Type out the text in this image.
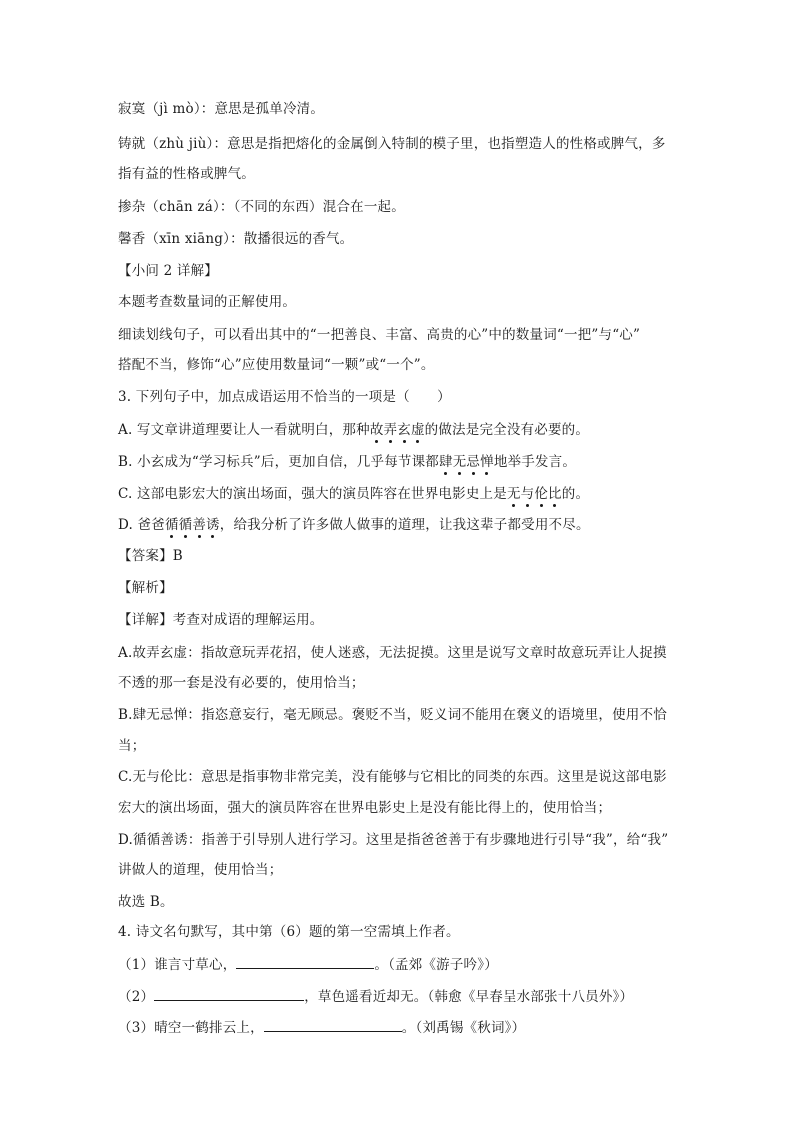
寂寞（jì mò）：意思是孤单冷清。
铸就（zhù jiù）：意思是指把熔化的金属倒入特制的模子里，也指塑造人的性格或脾气，多
指有益的性格或脾气。
掺杂（chān zá）：（不同的东西）混合在一起。
馨香（xīn xiāng）：散播很远的香气。
【小问 2 详解】
本题考查数量词的正解使用。
细读划线句子，可以看出其中的“一把善良、丰富、高贵的心”中的数量词“一把”与“心”
搭配不当，修饰“心”应使用数量词“一颗”或“一个”。
3. 下列句子中，加点成语运用不恰当的一项是（　　）
A. 写文章讲道理要让人一看就明白，那种故弄玄虚的做法是完全没有必要的。
B. 小玄成为“学习标兵”后，更加自信，几乎每节课都肆无忌惮地举手发言。
C. 这部电影宏大的演出场面，强大的演员阵容在世界电影史上是无与伦比的。
D. 爸爸循循善诱，给我分析了许多做人做事的道理，让我这辈子都受用不尽。
【答案】B
【解析】
【详解】考查对成语的理解运用。
A.故弄玄虚：指故意玩弄花招，使人迷惑，无法捉摸。这里是说写文章时故意玩弄让人捉摸
不透的那一套是没有必要的，使用恰当；
B.肆无忌惮：指恣意妄行，毫无顾忌。褒贬不当，贬义词不能用在褒义的语境里，使用不恰
当；
C.无与伦比：意思是指事物非常完美，没有能够与它相比的同类的东西。这里是说这部电影
宏大的演出场面，强大的演员阵容在世界电影史上是没有能比得上的，使用恰当；
D.循循善诱：指善于引导别人进行学习。这里是指爸爸善于有步骤地进行引导“我”，给“我”
讲做人的道理，使用恰当；
故选 B。
4. 诗文名句默写，其中第（6）题的第一空需填上作者。
（1）谁言寸草心，	。（孟郊《游子吟》）
（2）	，草色遥看近却无。（韩愈《早春呈水部张十八员外》）
（3）晴空一鹤排云上，	。（刘禹锡《秋词》）
